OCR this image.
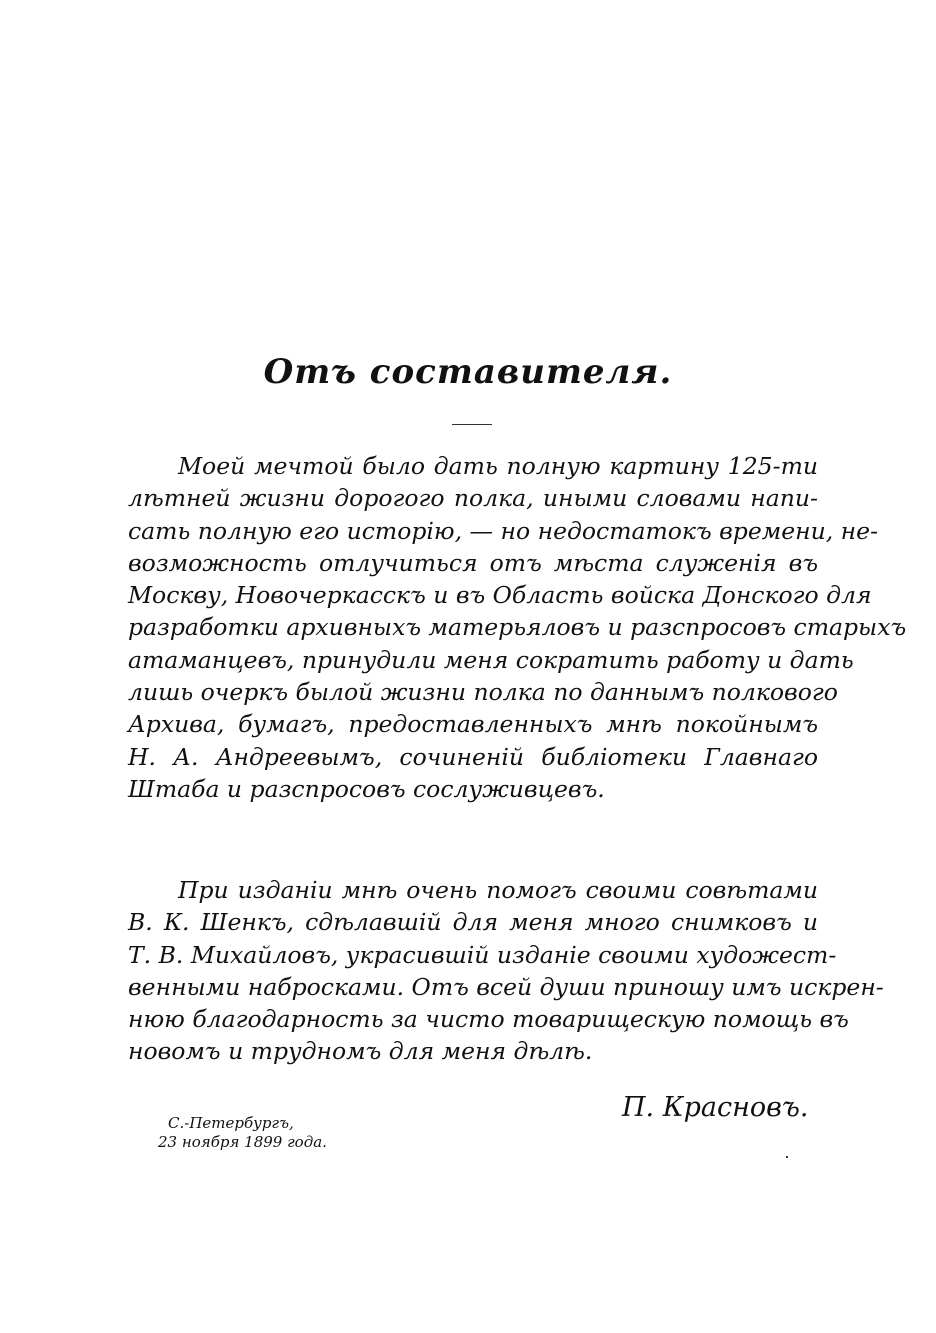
Отъ составителя.
Моей мечтой было дать полную картину 125-ти
лѣтней жизни дорогого полка, иными словами напи-
сать полную его исторію, — но недостатокъ времени, не-
возможность отлучиться отъ мѣста служенія въ
Москву, Новочеркасскъ и въ Область войска Донского для
разработки архивныхъ матерьяловъ и разспросовъ старыхъ
атаманцевъ, принудили меня сократить работу и дать
лишь очеркъ былой жизни полка по даннымъ полкового
Архива, бумагъ, предоставленныхъ мнѣ покойнымъ
Н. А. Андреевымъ, сочиненій библіотеки Главнаго
Штаба и разспросовъ сослуживцевъ.
При изданіи мнѣ очень помогъ своими совѣтами
В. К. Шенкъ, сдѣлавшій для меня много снимковъ и
Т. В. Михайловъ, украсившій изданіе своими художест-
венными набросками. Отъ всей души приношу имъ искрен-
нюю благодарность за чисто товарищескую помощь въ
новомъ и трудномъ для меня дѣлѣ.

П. Красновъ.

С.-Петербургъ,
23 ноября 1899 года.
